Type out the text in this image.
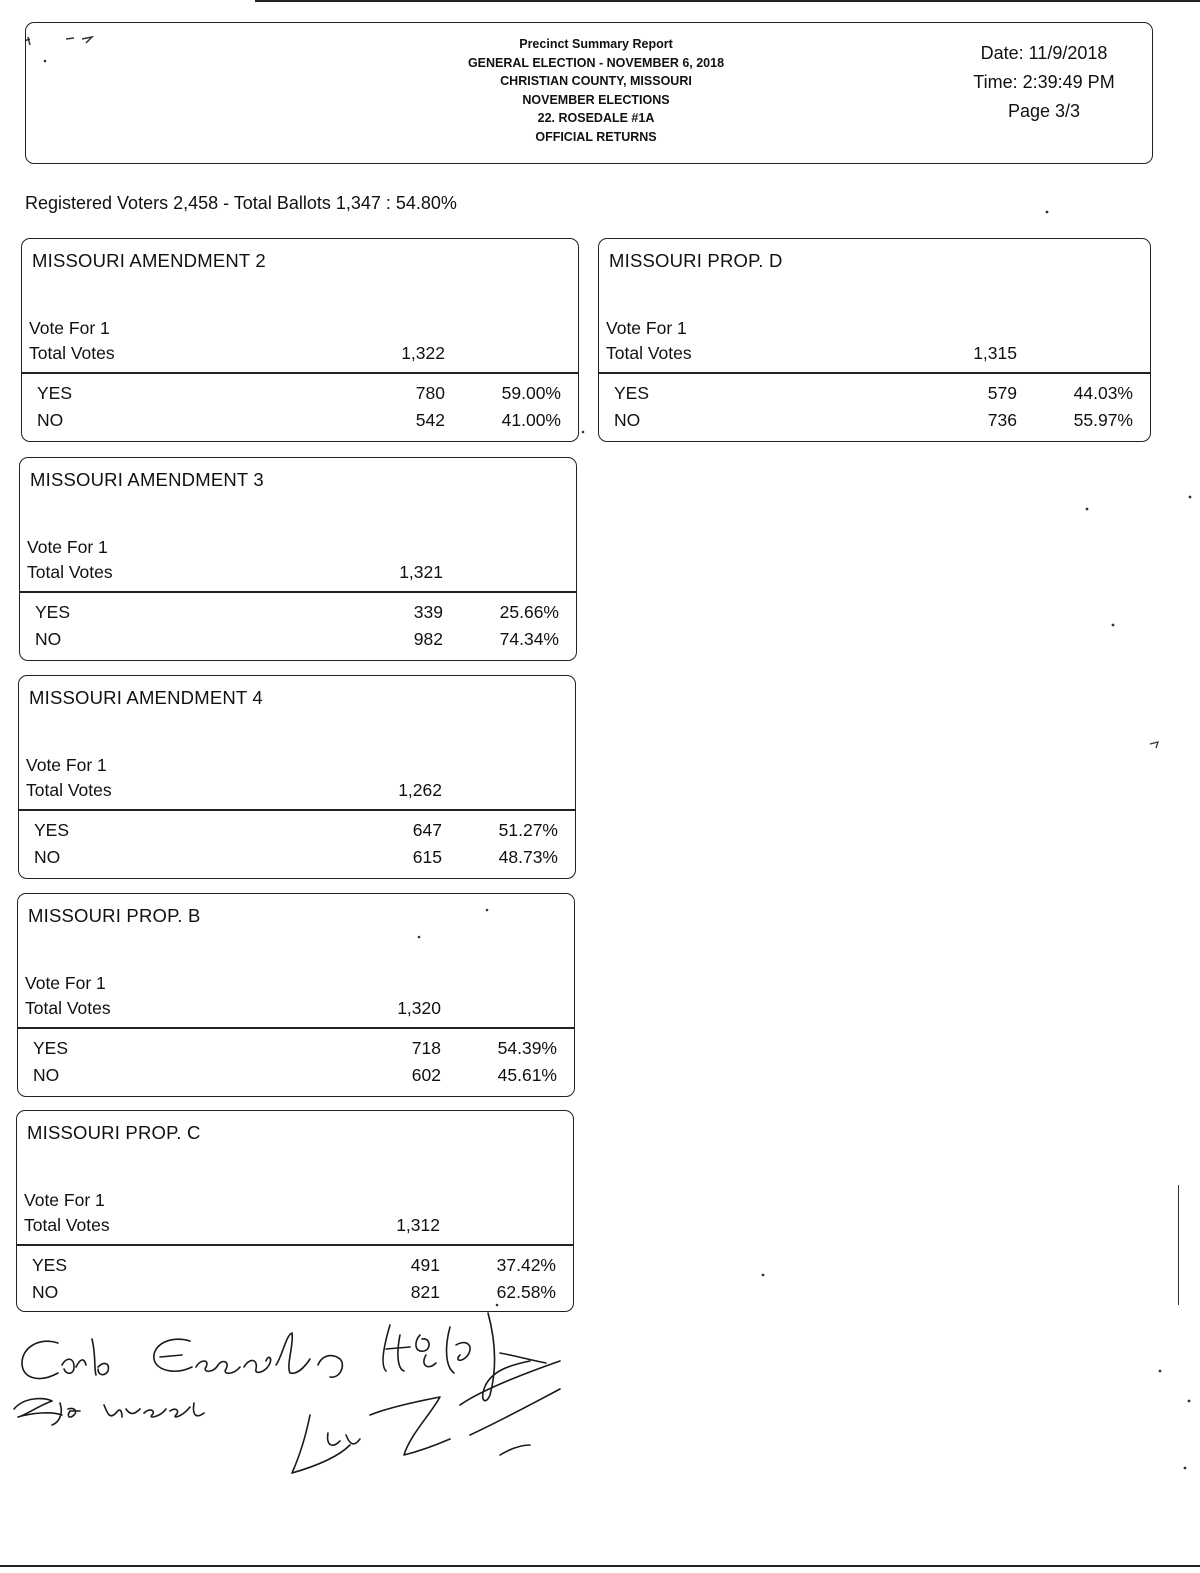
Precinct Summary Report
GENERAL ELECTION - NOVEMBER 6, 2018
CHRISTIAN COUNTY, MISSOURI
NOVEMBER ELECTIONS
22. ROSEDALE #1A
OFFICIAL RETURNS
Date: 11/9/2018
Time: 2:39:49 PM
Page 3/3
Registered Voters 2,458 - Total Ballots 1,347 : 54.80%
MISSOURI AMENDMENT 2
Vote For 1
Total Votes	1,322
YES	780	59.00%
NO	542	41.00%
MISSOURI PROP. D
Vote For 1
Total Votes	1,315
YES	579	44.03%
NO	736	55.97%
MISSOURI AMENDMENT 3
Vote For 1
Total Votes	1,321
YES	339	25.66%
NO	982	74.34%
MISSOURI AMENDMENT 4
Vote For 1
Total Votes	1,262
YES	647	51.27%
NO	615	48.73%
MISSOURI PROP. B
Vote For 1
Total Votes	1,320
YES	718	54.39%
NO	602	45.61%
MISSOURI PROP. C
Vote For 1
Total Votes	1,312
YES	491	37.42%
NO	821	62.58%
